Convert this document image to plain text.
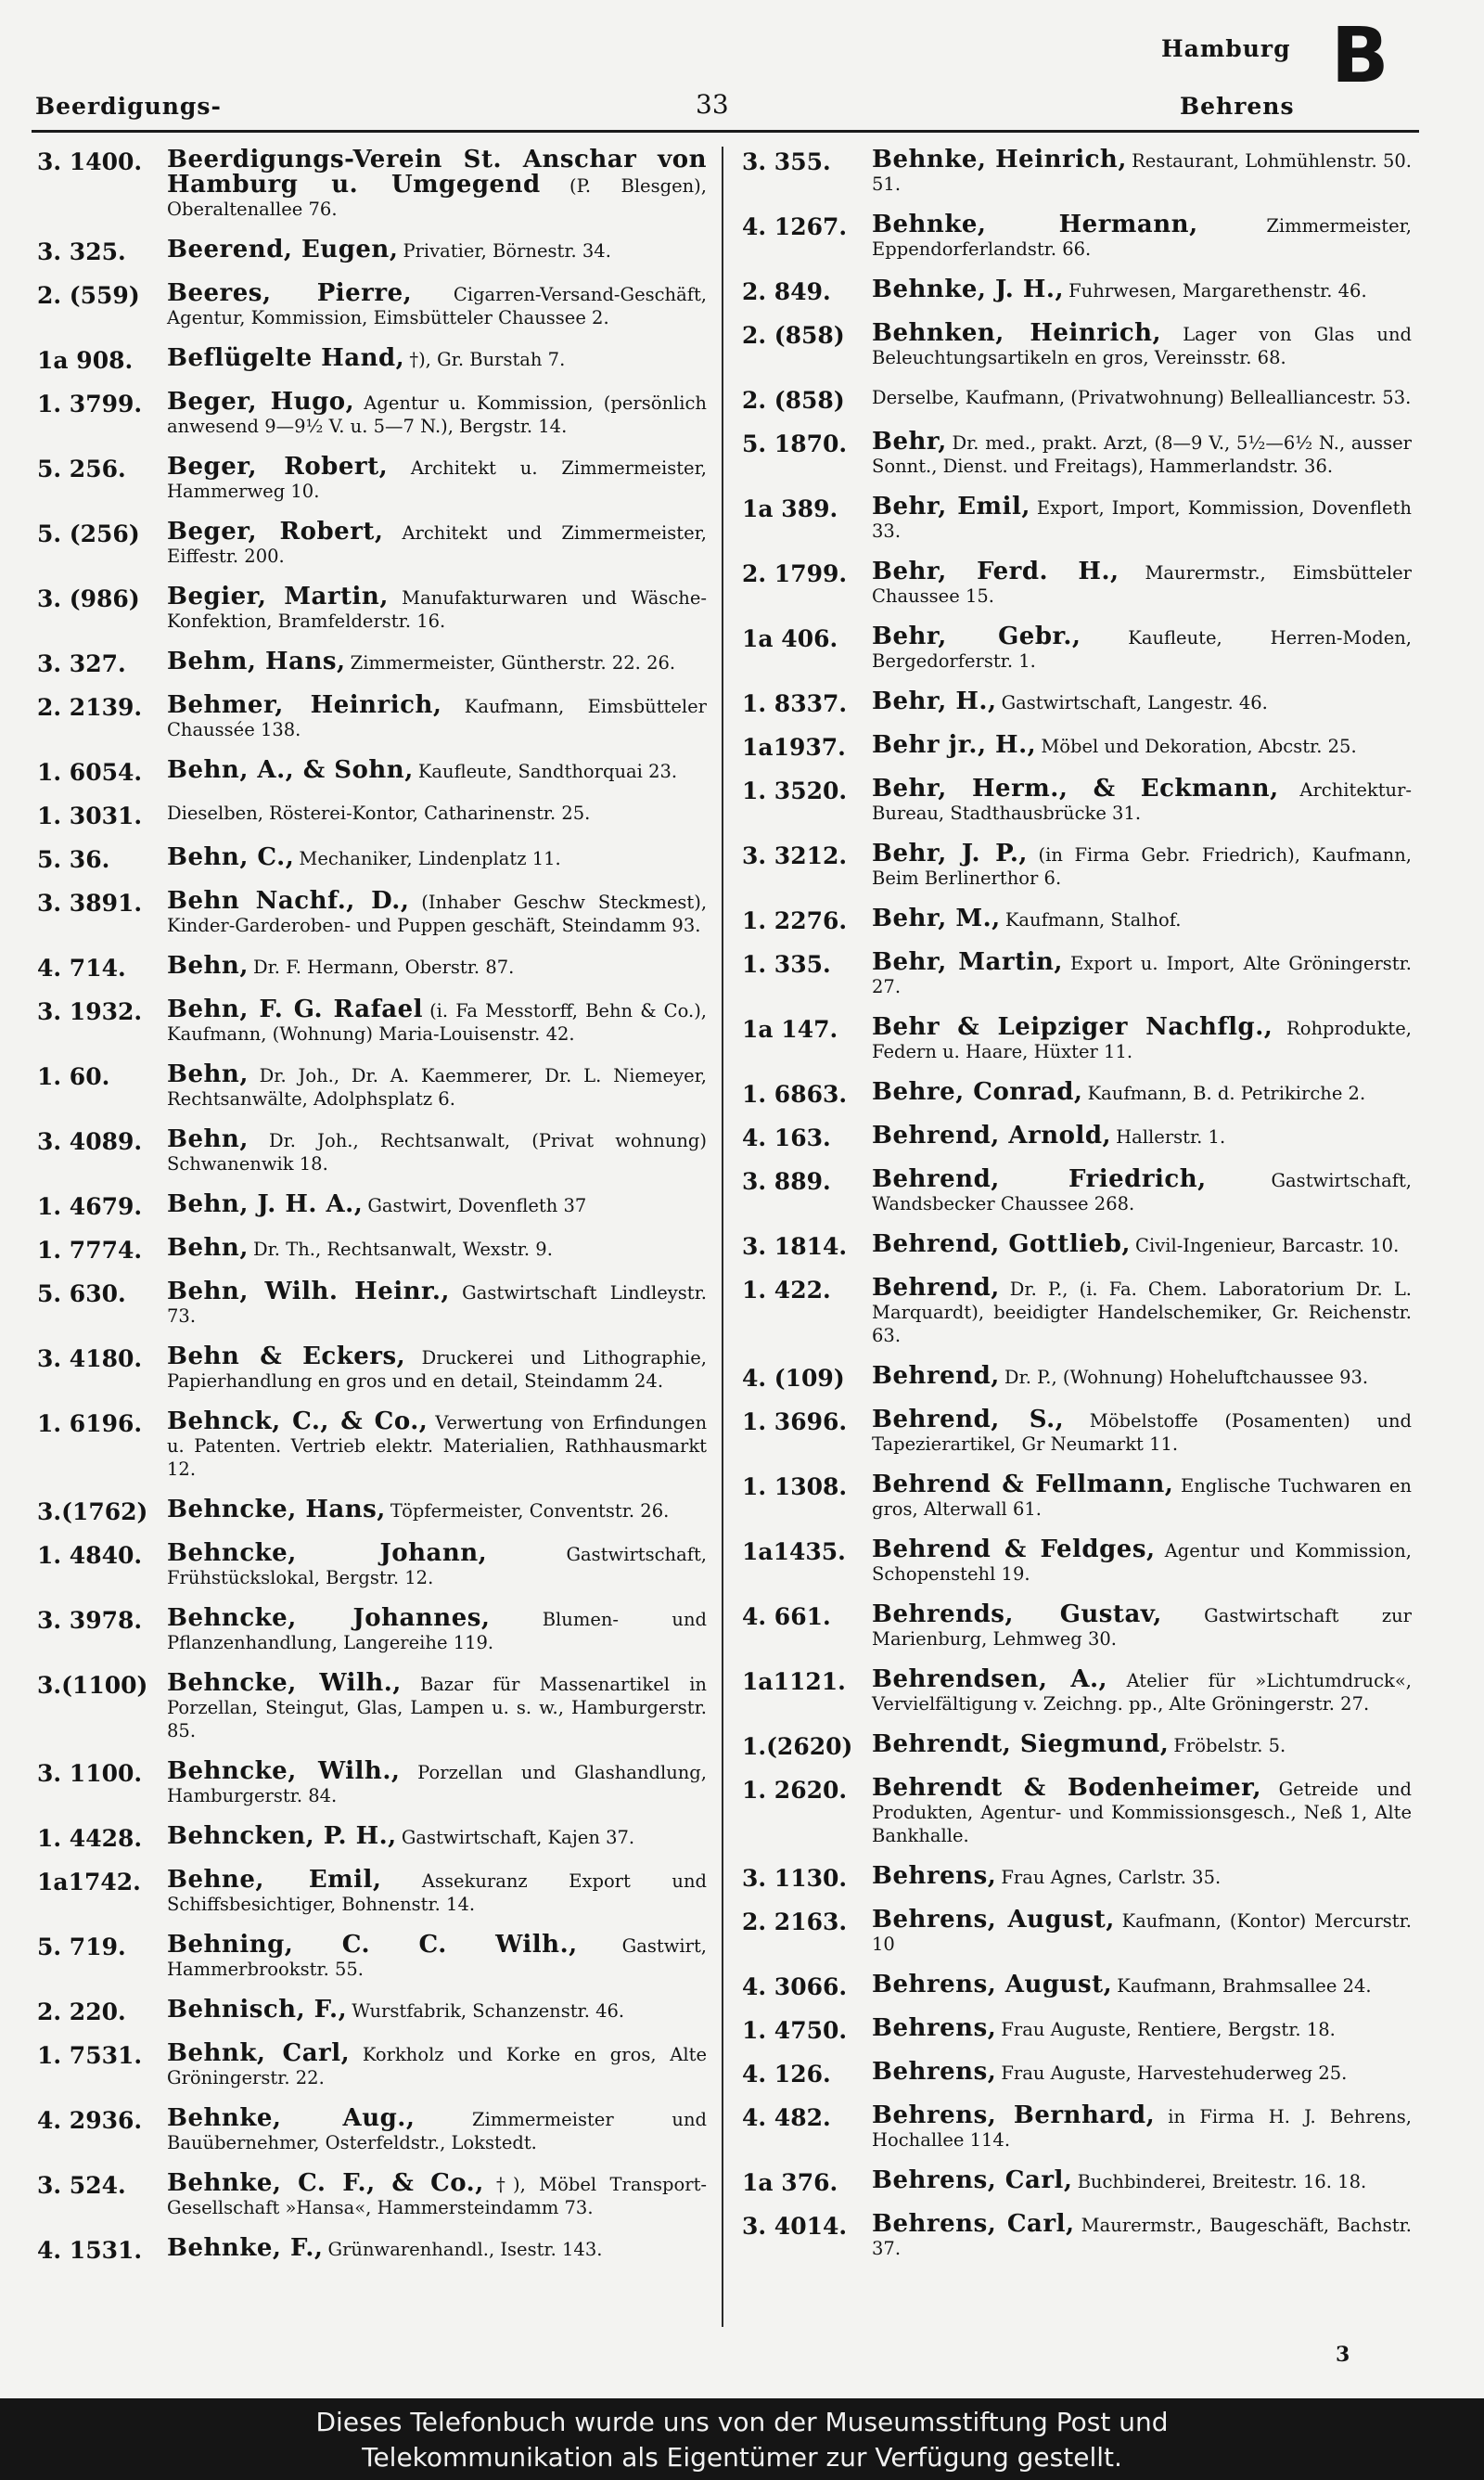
Beerdigungs-	33
Hamburg
Behrens
B
3. 1400.	Beerdigungs-Verein St. Anschar von Hamburg u. Umgegend (P. Blesgen), Oberaltenallee 76.
3. 325.	Beerend, Eugen, Privatier, Börnestr. 34.
2. (559)	Beeres, Pierre, Cigarren-Versand-Geschäft, Agentur, Kommission, Eimsbütteler Chaussee 2.
1a 908.	Beflügelte Hand, †), Gr. Burstah 7.
1. 3799.	Beger, Hugo, Agentur u. Kommission, (persönlich anwesend 9—9½ V. u. 5—7 N.), Bergstr. 14.
5. 256.	Beger, Robert, Architekt u. Zimmermeister, Hammerweg 10.
5. (256)	Beger, Robert, Architekt und Zimmermeister, Eiffestr. 200.
3. (986)	Begier, Martin, Manufakturwaren und Wäsche-Konfektion, Bramfelderstr. 16.
3. 327.	Behm, Hans, Zimmermeister, Güntherstr. 22. 26.
2. 2139.	Behmer, Heinrich, Kaufmann, Eimsbütteler Chaussée 138.
1. 6054.	Behn, A., & Sohn, Kaufleute, Sandthorquai 23.
1. 3031.	Dieselben, Rösterei-Kontor, Catharinenstr. 25.
5. 36.	Behn, C., Mechaniker, Lindenplatz 11.
3. 3891.	Behn Nachf., D., (Inhaber Geschw Steckmest), Kinder-Garderoben- und Puppen geschäft, Steindamm 93.
4. 714.	Behn, Dr. F. Hermann, Oberstr. 87.
3. 1932.	Behn, F. G. Rafael (i. Fa Messtorff, Behn & Co.), Kaufmann, (Wohnung) Maria-Louisenstr. 42.
1. 60.	Behn, Dr. Joh., Dr. A. Kaemmerer, Dr. L. Niemeyer, Rechtsanwälte, Adolphsplatz 6.
3. 4089.	Behn, Dr. Joh., Rechtsanwalt, (Privat wohnung) Schwanenwik 18.
1. 4679.	Behn, J. H. A., Gastwirt, Dovenfleth 37
1. 7774.	Behn, Dr. Th., Rechtsanwalt, Wexstr. 9.
5. 630.	Behn, Wilh. Heinr., Gastwirtschaft Lindleystr. 73.
3. 4180.	Behn & Eckers, Druckerei und Lithographie, Papierhandlung en gros und en detail, Steindamm 24.
1. 6196.	Behnck, C., & Co., Verwertung von Erfindungen u. Patenten. Vertrieb elektr. Materialien, Rathhausmarkt 12.
3.(1762) Behncke, Hans, Töpfermeister, Conventstr. 26.
1. 4840.	Behncke, Johann,	Gastwirtschaft, Frühstückslokal, Bergstr. 12.
3. 3978.	Behncke, Johannes,	Blumen- und Pflanzenhandlung, Langereihe 119.
3.(1100) Behncke, Wilh., Bazar für Massenartikel in Porzellan, Steingut, Glas, Lampen u. s. w., Hamburgerstr. 85.
3. 1100.	Behncke, Wilh., Porzellan und Glashandlung, Hamburgerstr. 84.
1. 4428.	Behncken, P. H., Gastwirtschaft, Kajen 37.
1a1742.	Behne, Emil, Assekuranz Export und Schiffsbesichtiger, Bohnenstr. 14.
5. 719.	Behning, C. C. Wilh., Gastwirt, Hammerbrookstr. 55.
2. 220.	Behnisch, F., Wurstfabrik, Schanzenstr. 46.
1. 7531.	Behnk, Carl, Korkholz und Korke en gros, Alte Gröningerstr. 22.
4. 2936.	Behnke, Aug.,	Zimmermeister und Bauübernehmer, Osterfeldstr., Lokstedt.
3. 524.	Behnke, C. F., & Co., †), Möbel Transport-Gesellschaft »Hansa«, Hammersteindamm 73.
4. 1531.	Behnke, F., Grünwarenhandl., Isestr. 143.
3. 355.	Behnke, Heinrich, Restaurant, Lohmühlenstr. 50. 51.
4. 1267.	Behnke, Hermann,	Zimmermeister, Eppendorferlandstr. 66.
2. 849.	Behnke, J. H., Fuhrwesen, Margarethenstr. 46.
2. (858)	Behnken, Heinrich, Lager von Glas und Beleuchtungsartikeln en gros, Vereinsstr. 68.
2. (858)	Derselbe, Kaufmann, (Privatwohnung) Bellealliancestr. 53.
5. 1870.	Behr, Dr. med., prakt. Arzt, (8—9 V., 5½—6½ N., ausser Sonnt., Dienst. und Freitags), Hammerlandstr. 36.
1a 389.	Behr, Emil, Export, Import, Kommission, Dovenfleth 33.
2. 1799.	Behr, Ferd. H., Maurermstr., Eimsbütteler Chaussee 15.
1a 406.	Behr, Gebr.,	Kaufleute, Herren-Moden, Bergedorferstr. 1.
1. 8337.	Behr, H., Gastwirtschaft, Langestr. 46.
1a1937.	Behr jr., H., Möbel und Dekoration, Abcstr. 25.
1. 3520.	Behr, Herm., & Eckmann, Architektur-Bureau, Stadthausbrücke 31.
3. 3212.	Behr, J. P., (in Firma Gebr. Friedrich), Kaufmann, Beim Berlinerthor 6.
1. 2276.	Behr, M., Kaufmann, Stalhof.
1. 335.	Behr, Martin, Export u. Import, Alte Gröningerstr. 27.
1a 147.	Behr & Leipziger Nachflg., Rohprodukte, Federn u. Haare, Hüxter 11.
1. 6863.	Behre, Conrad, Kaufmann, B. d. Petrikirche 2.
4. 163.	Behrend, Arnold, Hallerstr. 1.
3. 889.	Behrend, Friedrich,	Gastwirtschaft, Wandsbecker Chaussee 268.
3. 1814.	Behrend, Gottlieb, Civil-Ingenieur, Barcastr. 10.
1. 422.	Behrend, Dr. P., (i. Fa. Chem. Laboratorium Dr. L. Marquardt), beeidigter Handelschemiker, Gr. Reichenstr. 63.
4. (109)	Behrend, Dr. P., (Wohnung) Hoheluftchaussee 93.
1. 3696.	Behrend, S., Möbelstoffe (Posamenten) und Tapezierartikel, Gr Neumarkt 11.
1. 1308.	Behrend & Fellmann, Englische Tuchwaren en gros, Alterwall 61.
1a1435.	Behrend & Feldges, Agentur und Kommission, Schopenstehl 19.
4. 661.	Behrends, Gustav, Gastwirtschaft zur Marienburg, Lehmweg 30.
1a1121.	Behrendsen, A., Atelier für »Lichtumdruck«, Vervielfältigung v. Zeichng. pp., Alte Gröningerstr. 27.
1.(2620) Behrendt, Siegmund, Fröbelstr. 5.
1. 2620.	Behrendt & Bodenheimer, Getreide und Produkten, Agentur- und Kommissionsgesch., Neß 1, Alte Bankhalle.
3. 1130.	Behrens, Frau Agnes, Carlstr. 35.
2. 2163.	Behrens, August, Kaufmann, (Kontor) Mercurstr. 10
4. 3066.	Behrens, August, Kaufmann, Brahmsallee 24.
1. 4750.	Behrens, Frau Auguste, Rentiere, Bergstr. 18.
4. 126.	Behrens, Frau Auguste, Harvestehuderweg 25.
4. 482.	Behrens, Bernhard, in Firma H. J. Behrens, Hochallee 114.
1a 376.	Behrens, Carl, Buchbinderei, Breitestr. 16. 18.
3. 4014.	Behrens, Carl, Maurermstr., Baugeschäft, Bachstr. 37.
3
Dieses Telefonbuch wurde uns von der Museumsstiftung Post und
Telekommunikation als Eigentümer zur Verfügung gestellt.
